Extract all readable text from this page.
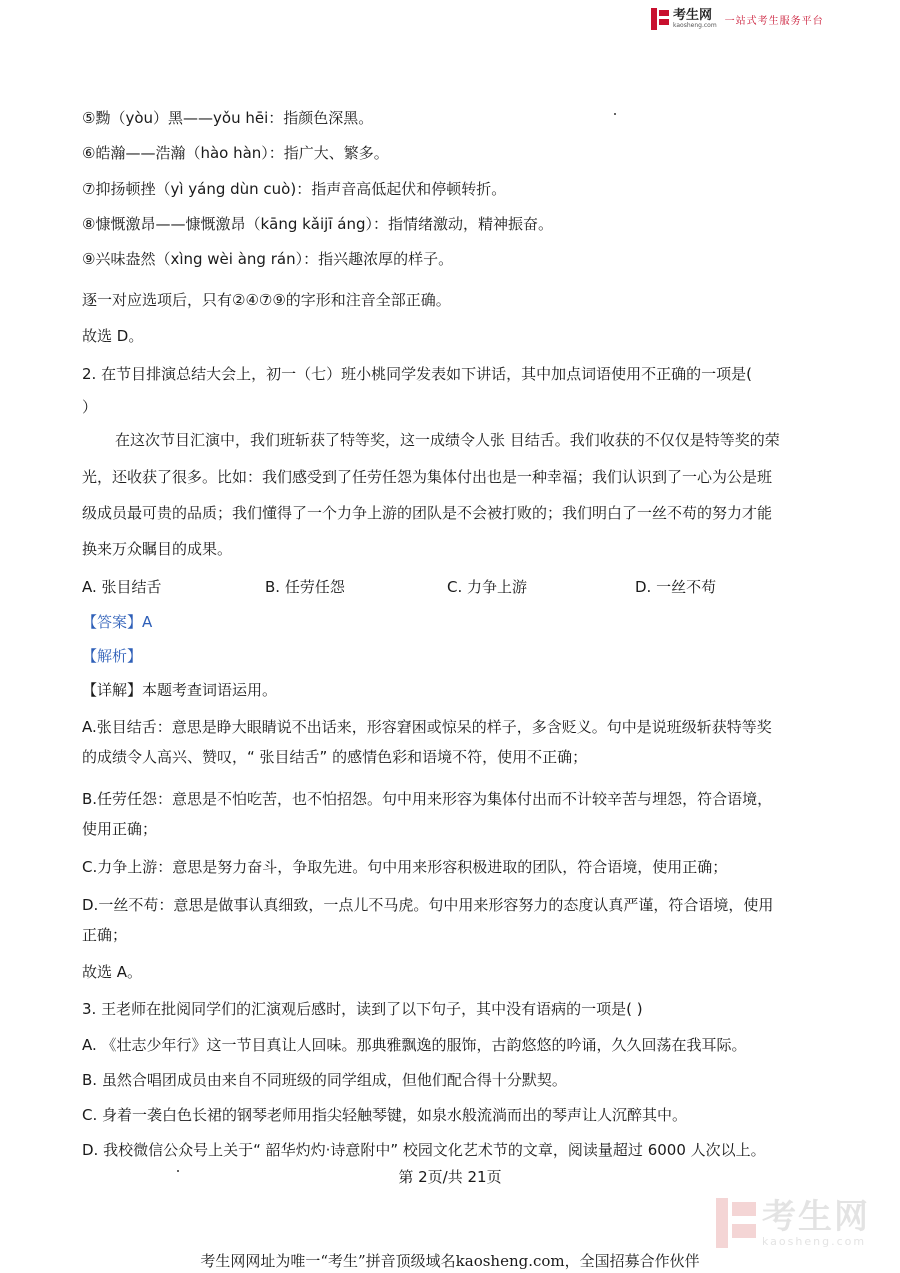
考生网
kaosheng.com 一站式考生服务平台
⑤黝（yòu）黑——yǒu hēi：指颜色深黑。
⑥皓瀚——浩瀚（hào hàn）：指广大、繁多。
⑦抑扬顿挫（yì yáng dùn cuò)：指声音高低起伏和停顿转折。
⑧慷慨激昂——慷慨激昂（kāng kǎijī áng）：指情绪激动，精神振奋。
⑨兴味盎然（xìng wèi àng rán）：指兴趣浓厚的样子。
逐一对应选项后，只有②④⑦⑨的字形和注音全部正确。
故选 D。
2. 在节目排演总结大会上，初一（七）班小桃同学发表如下讲话，其中加点词语使用不正确的一项是(
）
在这次节目汇演中，我们班斩获了特等奖，这一成绩令人张 目结舌。我们收获的不仅仅是特等奖的荣
光，还收获了很多。比如：我们感受到了任劳任怨为集体付出也是一种幸福；我们认识到了一心为公是班
级成员最可贵的品质；我们懂得了一个力争上游的团队是不会被打败的；我们明白了一丝不苟的努力才能
换来万众瞩目的成果。
A. 张目结舌	B. 任劳任怨	C. 力争上游	D. 一丝不苟
【答案】A
【解析】
【详解】本题考查词语运用。
A.张目结舌：意思是睁大眼睛说不出话来，形容窘困或惊呆的样子，多含贬义。句中是说班级斩获特等奖
的成绩令人高兴、赞叹，“ 张目结舌” 的感情色彩和语境不符，使用不正确；
B.任劳任怨：意思是不怕吃苦，也不怕招怨。句中用来形容为集体付出而不计较辛苦与埋怨，符合语境，
使用正确；
C.力争上游：意思是努力奋斗，争取先进。句中用来形容积极进取的团队，符合语境，使用正确；
D.一丝不苟：意思是做事认真细致，一点儿不马虎。句中用来形容努力的态度认真严谨，符合语境，使用
正确；
故选 A。
3. 王老师在批阅同学们的汇演观后感时，读到了以下句子，其中没有语病的一项是( )
A. 《壮志少年行》这一节目真让人回味。那典雅飘逸的服饰，古韵悠悠的吟诵，久久回荡在我耳际。
B. 虽然合唱团成员由来自不同班级的同学组成，但他们配合得十分默契。
C. 身着一袭白色长裙的钢琴老师用指尖轻触琴键，如泉水般流淌而出的琴声让人沉醉其中。
D. 我校微信公众号上关于“ 韶华灼灼·诗意附中” 校园文化艺术节的文章，阅读量超过 6000 人次以上。
第 2页/共 21页
考生网
kaosheng.com
考生网网址为唯一“考生”拼音顶级域名kaosheng.com，全国招募合作伙伴
